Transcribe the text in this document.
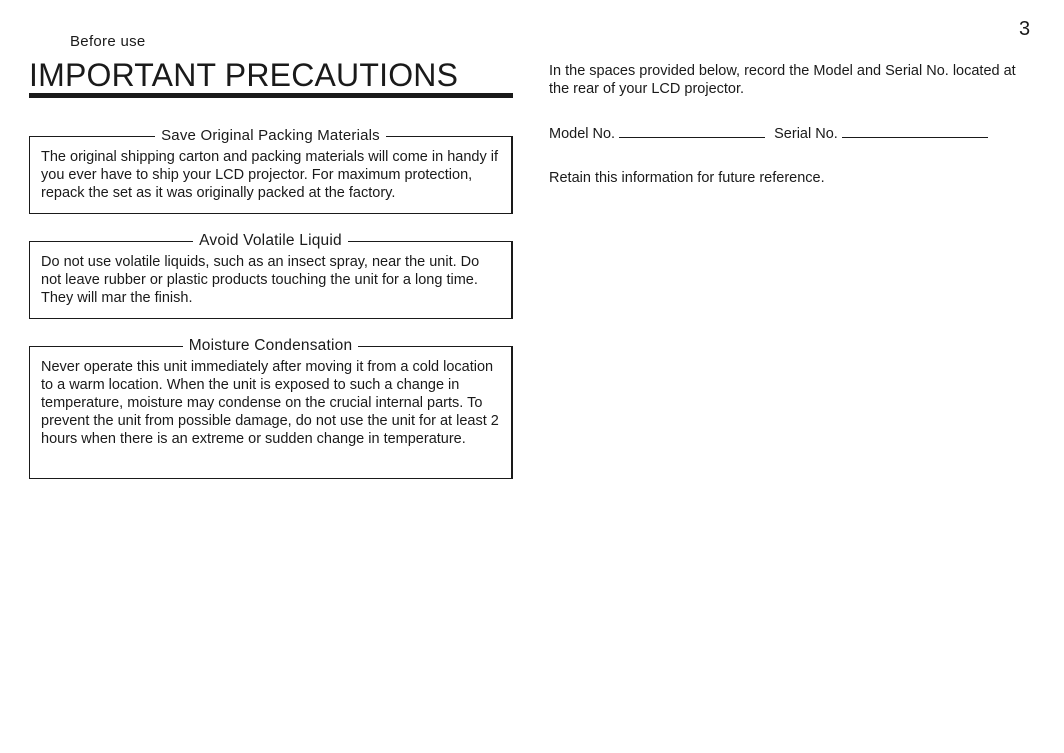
3
Before use
IMPORTANT PRECAUTIONS
Save Original Packing Materials

The original shipping carton and packing materials will come in handy if you ever have to ship your LCD projector. For maximum protection, repack the set as it was originally packed at the factory.

Avoid Volatile Liquid

Do not use volatile liquids, such as an insect spray, near the unit. Do not leave rubber or plastic products touching the unit for a long time. They will mar the finish.

Moisture Condensation

Never operate this unit immediately after moving it from a cold location to a warm location. When the unit is exposed to such a change in temperature, moisture may condense on the crucial internal parts. To prevent the unit from possible damage, do not use the unit for at least 2 hours when there is an extreme or sudden change in temperature.

In the spaces provided below, record the Model and Serial No. located at the rear of your LCD projector.

Model No.	Serial No.

Retain this information for future reference.
